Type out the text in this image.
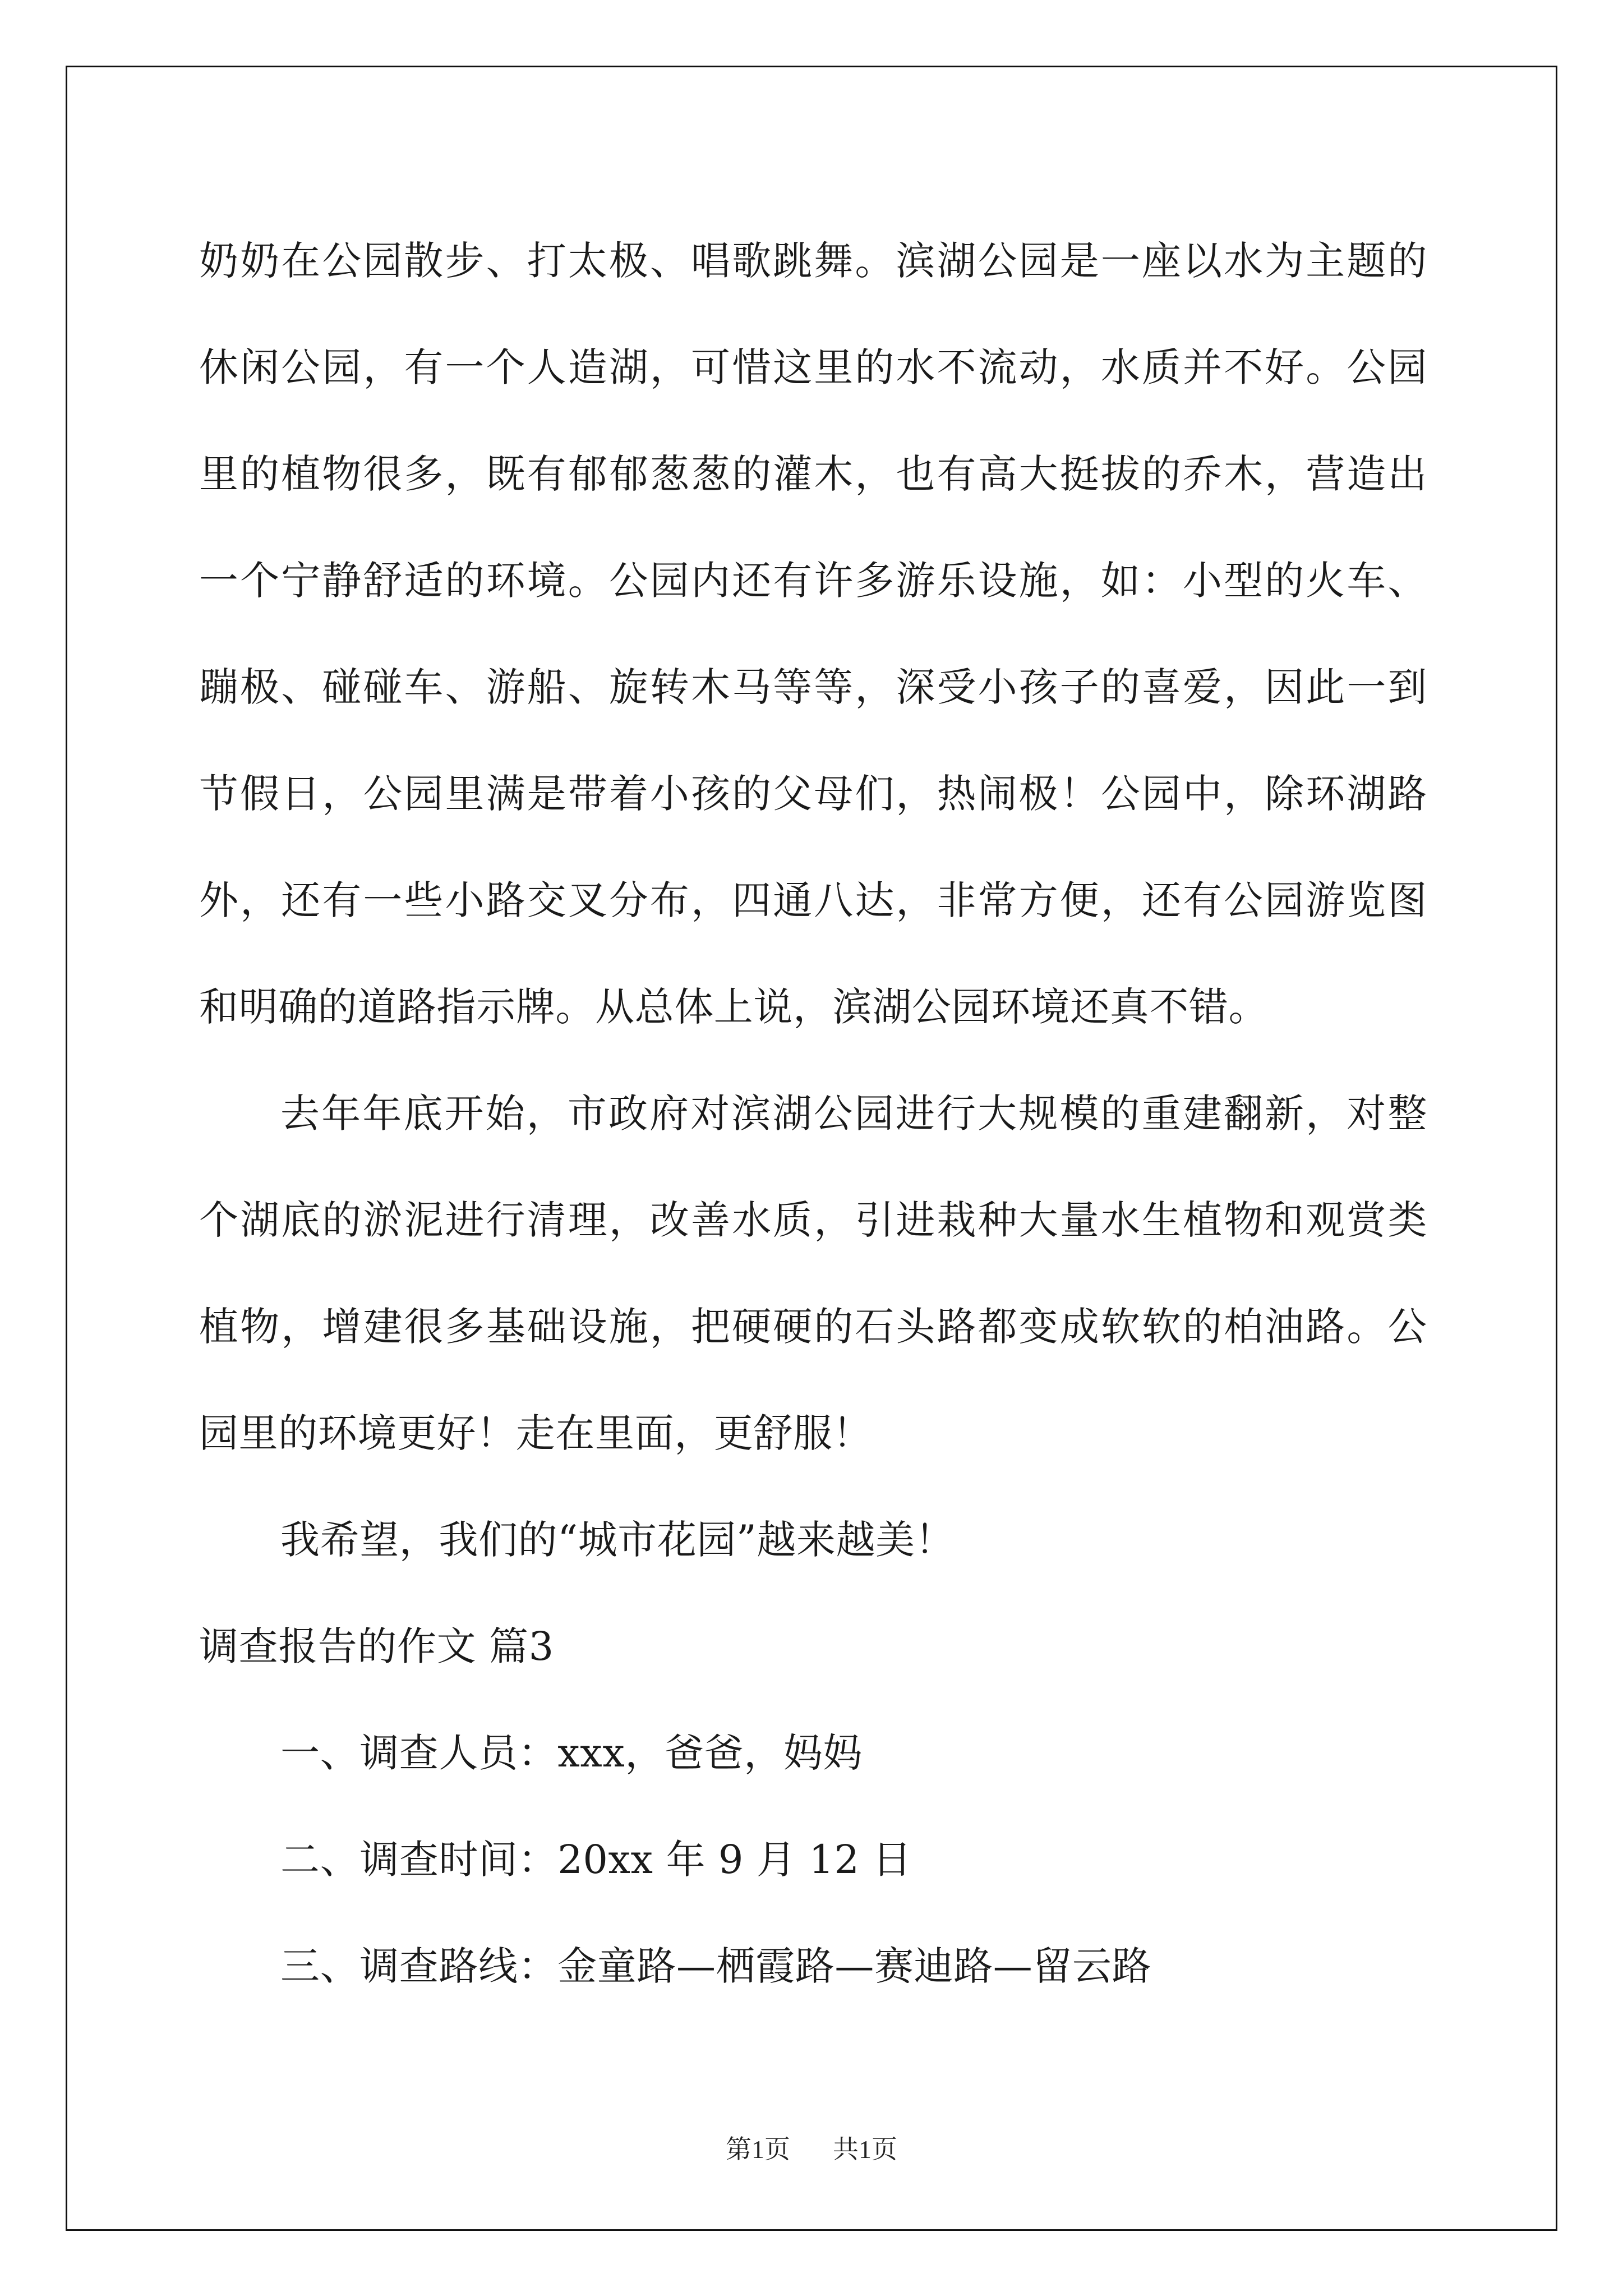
奶奶在公园散步、打太极、唱歌跳舞。滨湖公园是一座以水为主题的
休闲公园，有一个人造湖，可惜这里的水不流动，水质并不好。公园
里的植物很多，既有郁郁葱葱的灌木，也有高大挺拔的乔木，营造出
一个宁静舒适的环境。公园内还有许多游乐设施，如：小型的火车、
蹦极、碰碰车、游船、旋转木马等等，深受小孩子的喜爱，因此一到
节假日，公园里满是带着小孩的父母们，热闹极！公园中，除环湖路
外，还有一些小路交叉分布，四通八达，非常方便，还有公园游览图
和明确的道路指示牌。从总体上说，滨湖公园环境还真不错。
去年年底开始，市政府对滨湖公园进行大规模的重建翻新，对整
个湖底的淤泥进行清理，改善水质，引进栽种大量水生植物和观赏类
植物，增建很多基础设施，把硬硬的石头路都变成软软的柏油路。公
园里的环境更好！走在里面，更舒服！
我希望，我们的“城市花园”越来越美！
调查报告的作文 篇3
一、调查人员：xxx，爸爸，妈妈
二、调查时间：20xx 年 9 月 12 日
三、调查路线：金童路—栖霞路—赛迪路—留云路
第1页 共1页
